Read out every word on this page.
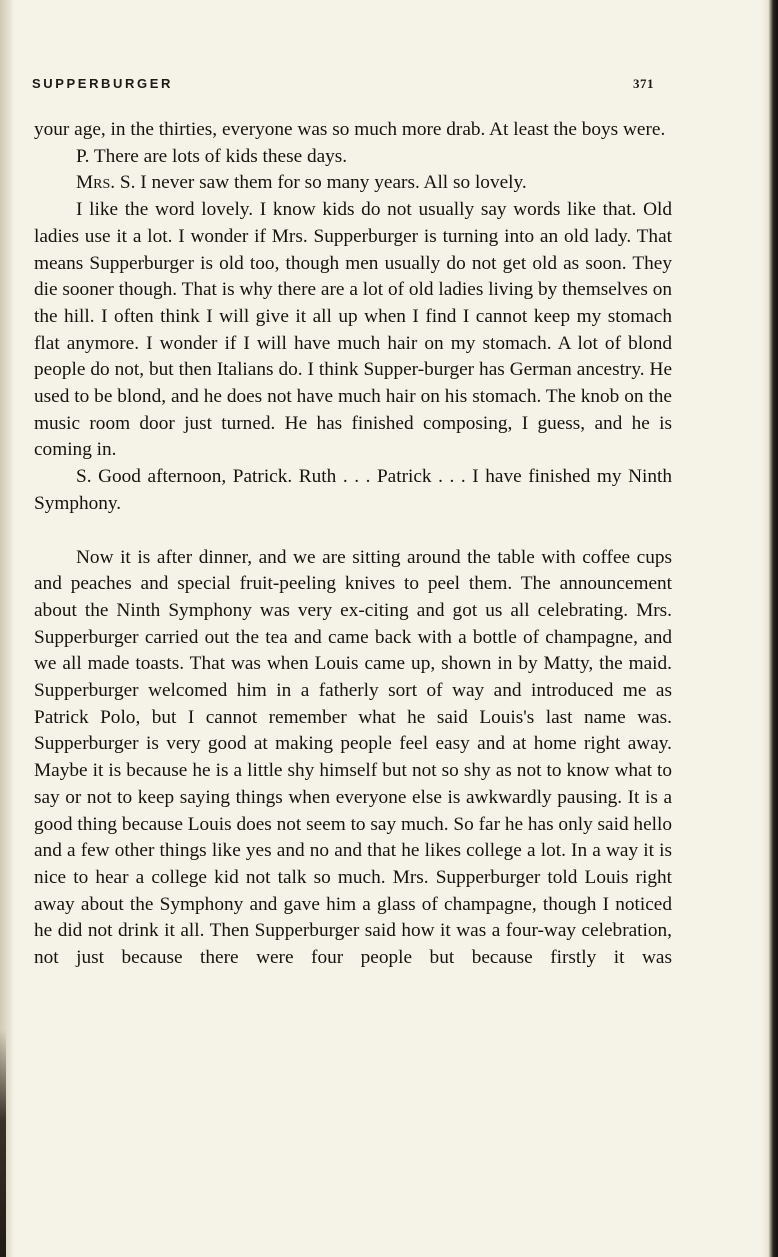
SUPPERBURGER	371

your age, in the thirties, everyone was so much more drab. At least the boys were.

P. There are lots of kids these days.

Mrs. S. I never saw them for so many years. All so lovely.

I like the word lovely. I know kids do not usually say words like that. Old ladies use it a lot. I wonder if Mrs. Supperburger is turning into an old lady. That means Supperburger is old too, though men usually do not get old as soon. They die sooner though. That is why there are a lot of old ladies living by themselves on the hill. I often think I will give it all up when I find I cannot keep my stomach flat anymore. I wonder if I will have much hair on my stomach. A lot of blond people do not, but then Italians do. I think Supper-burger has German ancestry. He used to be blond, and he does not have much hair on his stomach. The knob on the music room door just turned. He has finished composing, I guess, and he is coming in.

S. Good afternoon, Patrick. Ruth . . . Patrick . . . I have finished my Ninth Symphony.

Now it is after dinner, and we are sitting around the table with coffee cups and peaches and special fruit-peeling knives to peel them. The announcement about the Ninth Symphony was very ex-citing and got us all celebrating. Mrs. Supperburger carried out the tea and came back with a bottle of champagne, and we all made toasts. That was when Louis came up, shown in by Matty, the maid. Supperburger welcomed him in a fatherly sort of way and introduced me as Patrick Polo, but I cannot remember what he said Louis's last name was. Supperburger is very good at making people feel easy and at home right away. Maybe it is because he is a little shy himself but not so shy as not to know what to say or not to keep saying things when everyone else is awkwardly pausing. It is a good thing because Louis does not seem to say much. So far he has only said hello and a few other things like yes and no and that he likes college a lot. In a way it is nice to hear a college kid not talk so much. Mrs. Supperburger told Louis right away about the Symphony and gave him a glass of champagne, though I noticed he did not drink it all. Then Supperburger said how it was a four-way celebration, not just because there were four people but because firstly it was
